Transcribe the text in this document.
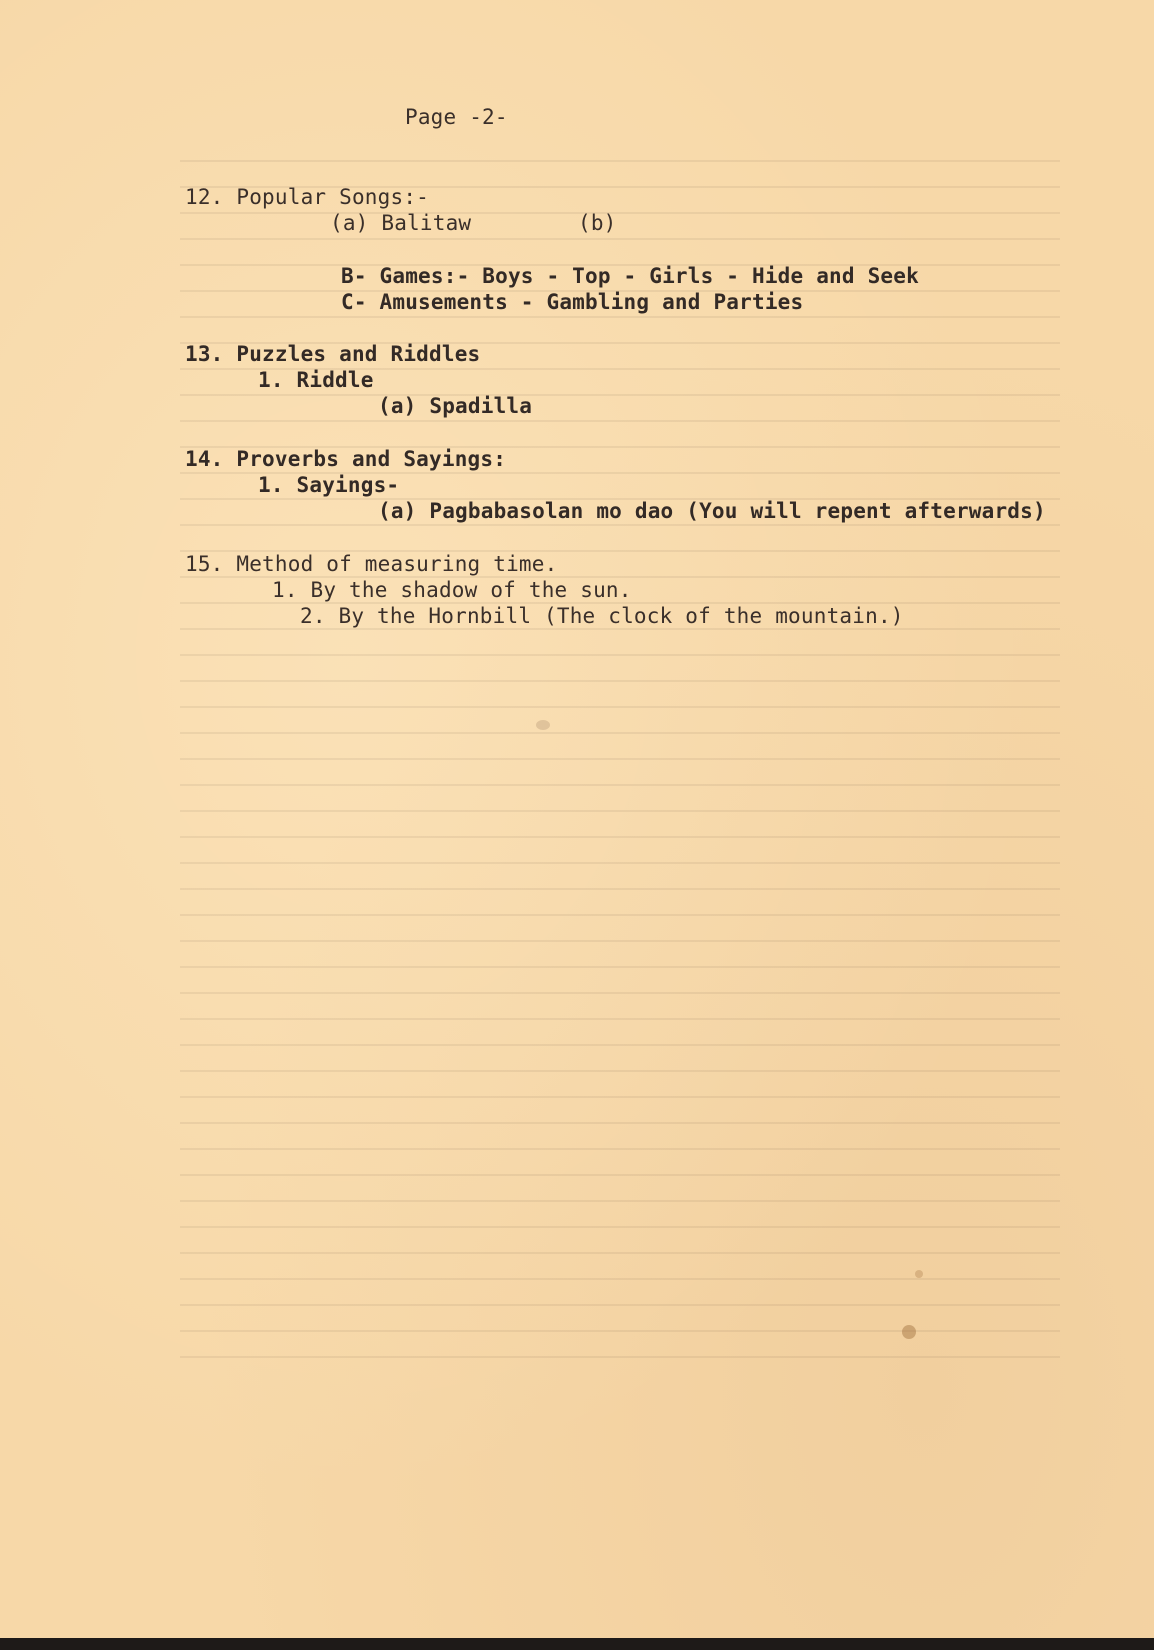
Page -2-
12. Popular Songs:-
(a) Balitaw	(b)
B- Games:- Boys - Top - Girls - Hide and Seek
C- Amusements - Gambling and Parties
13. Puzzles and Riddles
1. Riddle
(a) Spadilla
14. Proverbs and Sayings:
1. Sayings-
(a) Pagbabasolan mo dao (You will repent afterwards)
15. Method of measuring time.
1. By the shadow of the sun.
2. By the Hornbill (The clock of the mountain.)
